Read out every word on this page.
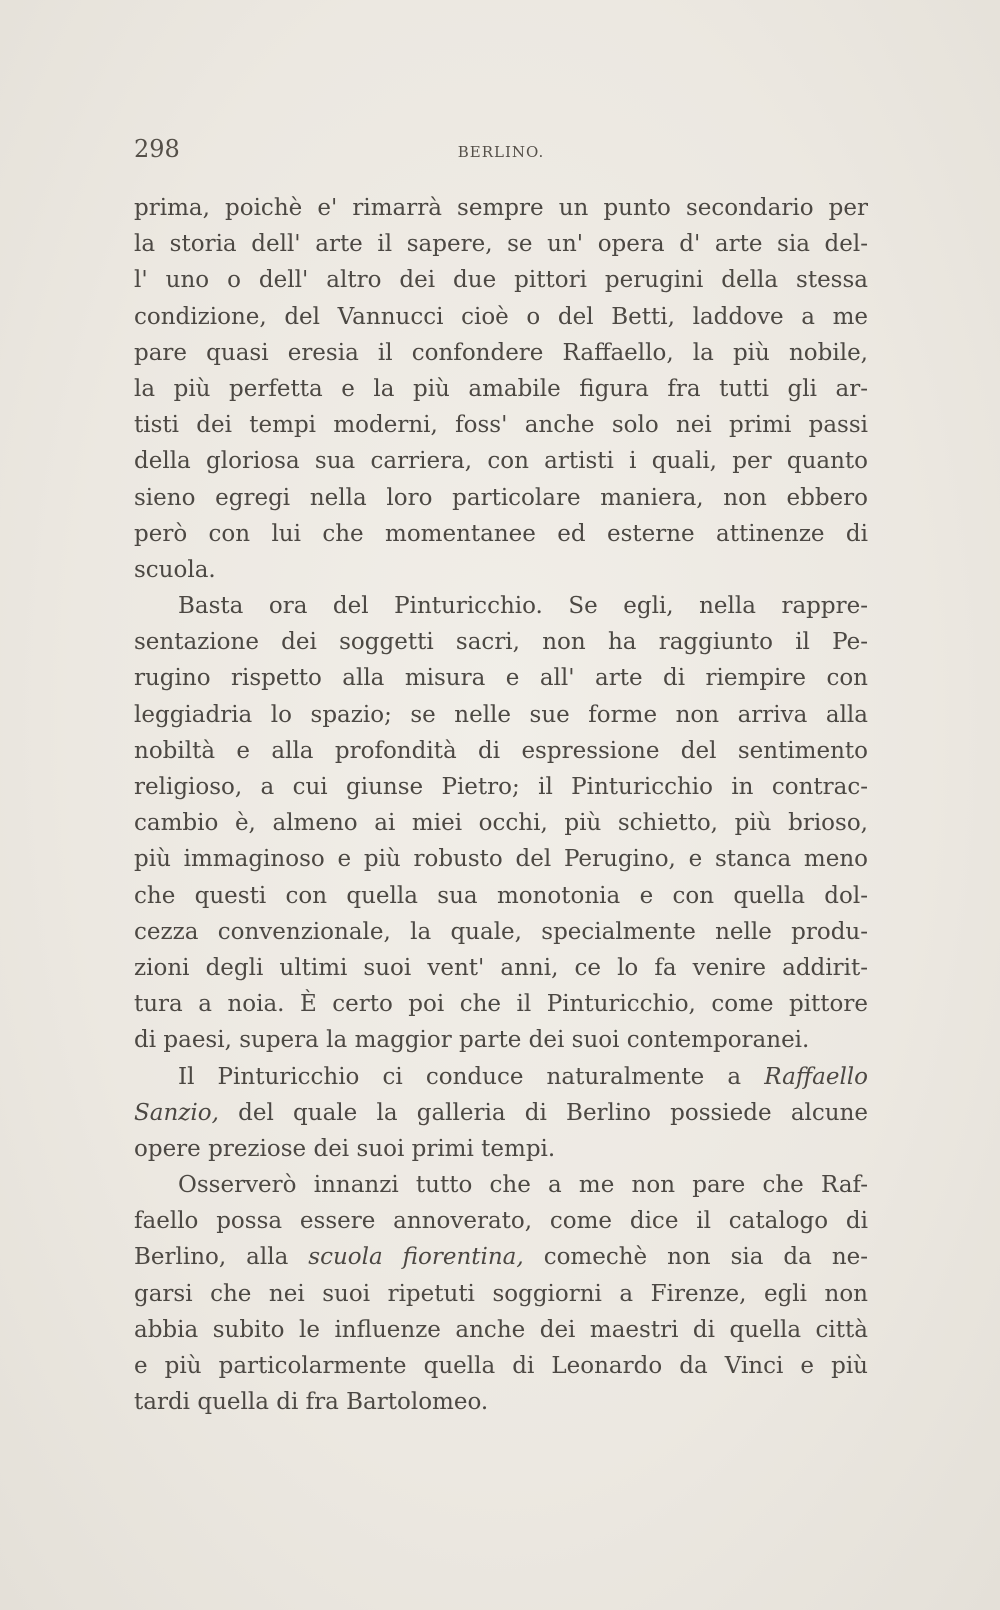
298	BERLINO.
prima, poichè e' rimarrà sempre un punto secondario per
la storia dell' arte il sapere, se un' opera d' arte sia del-
l' uno o dell' altro dei due pittori perugini della stessa
condizione, del Vannucci cioè o del Betti, laddove a me
pare quasi eresia il confondere Raffaello, la più nobile,
la più perfetta e la più amabile figura fra tutti gli ar-
tisti dei tempi moderni, foss' anche solo nei primi passi
della gloriosa sua carriera, con artisti i quali, per quanto
sieno egregi nella loro particolare maniera, non ebbero
però con lui che momentanee ed esterne attinenze di
scuola.
Basta ora del Pinturicchio. Se egli, nella rappre-
sentazione dei soggetti sacri, non ha raggiunto il Pe-
rugino rispetto alla misura e all' arte di riempire con
leggiadria lo spazio; se nelle sue forme non arriva alla
nobiltà e alla profondità di espressione del sentimento
religioso, a cui giunse Pietro; il Pinturicchio in contrac-
cambio è, almeno ai miei occhi, più schietto, più brioso,
più immaginoso e più robusto del Perugino, e stanca meno
che questi con quella sua monotonia e con quella dol-
cezza convenzionale, la quale, specialmente nelle produ-
zioni degli ultimi suoi vent' anni, ce lo fa venire addirit-
tura a noia. È certo poi che il Pinturicchio, come pittore
di paesi, supera la maggior parte dei suoi contemporanei.
Il Pinturicchio ci conduce naturalmente a Raffaello
Sanzio, del quale la galleria di Berlino possiede alcune
opere preziose dei suoi primi tempi.
Osserverò innanzi tutto che a me non pare che Raf-
faello possa essere annoverato, come dice il catalogo di
Berlino, alla scuola fiorentina, comechè non sia da ne-
garsi che nei suoi ripetuti soggiorni a Firenze, egli non
abbia subito le influenze anche dei maestri di quella città
e più particolarmente quella di Leonardo da Vinci e più
tardi quella di fra Bartolomeo.
